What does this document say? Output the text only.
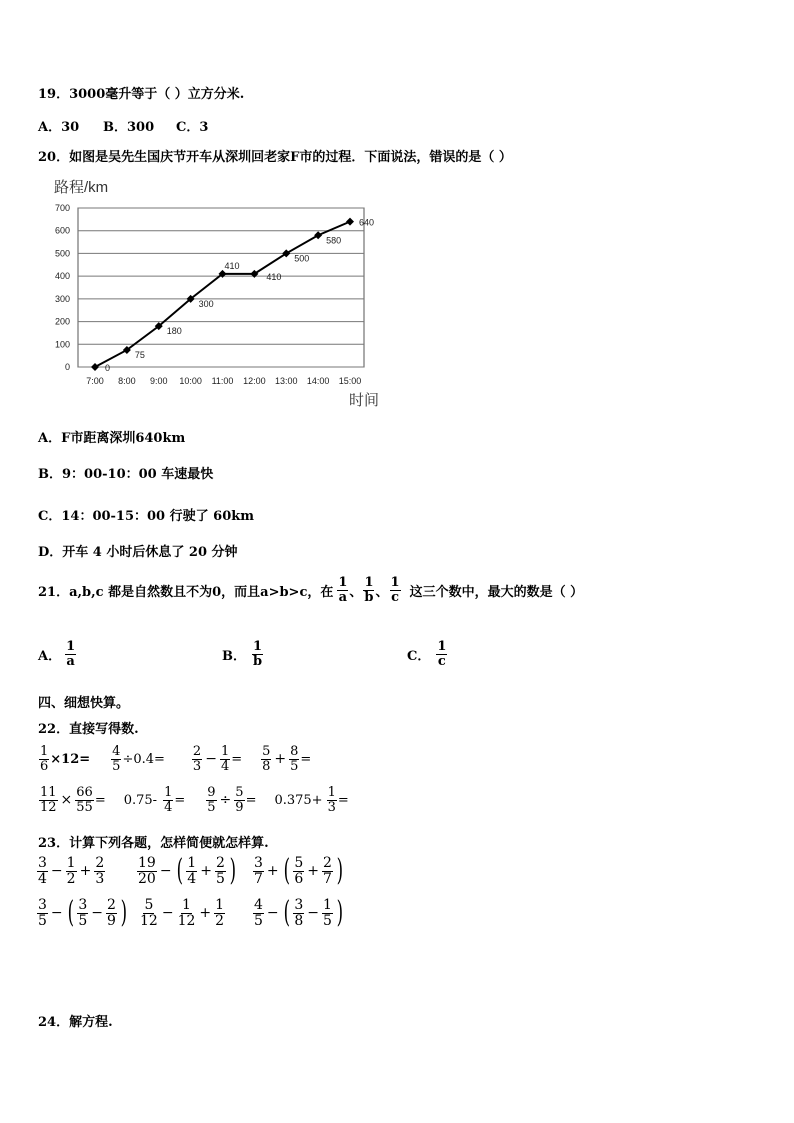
19．3000毫升等于（ ）立方分米.
A．30 B．300 C．3
20．如图是吴先生国庆节开车从深圳回老家F市的过程．下面说法，错误的是（ ）
0
100
200
300
400
500
600
700
7:00 8:00 9:00 10:00 11:00 12:00 13:00 14:00 15:00
0
75
180
300
410
410
500
580
640
路程/km
时间
A．F市距离深圳640km
B．9：00-10：00 车速最快
C．14：00-15：00 行驶了 60km
D．开车 4 小时后休息了 20 分钟
21．a,b,c 都是自然数且不为0，而且a>b>c，在
1
a 、
1
b 、
1
c 这三个数中，最大的数是（ ）
A．
1
a	B．
1
b	C．
1
c
四、细想快算。
22．直接写得数.
$\frac{1}{6} \times 12= \frac{4}{5} \div 0.4=$
2
$3 - \frac{1}{4}$ =
5
$8 + \frac{8}{5}$ =
$\frac{11}{12} \times \frac{66}{55} = 0.75- \frac{1}{4} = \frac{9}{5} \div \frac{5}{9} = 0.375+ \frac{1}{3}$ =
23．计算下列各题，怎样简便就怎样算.
3
$4 - \frac{1}{2} + \frac{2}{3} 19$
20 − ( 1
$4 + \frac{2}{5}$ ) 3
7 + ( 5
$6 + \frac{2}{7}$ )
3
5 − ( 3
$5 - \frac{2}{9}$ ) 5
$12 - \frac{1}{12} + \frac{1}{2} 4$
5 − ( 3
$8 - \frac{1}{5}$ )
24．解方程.
